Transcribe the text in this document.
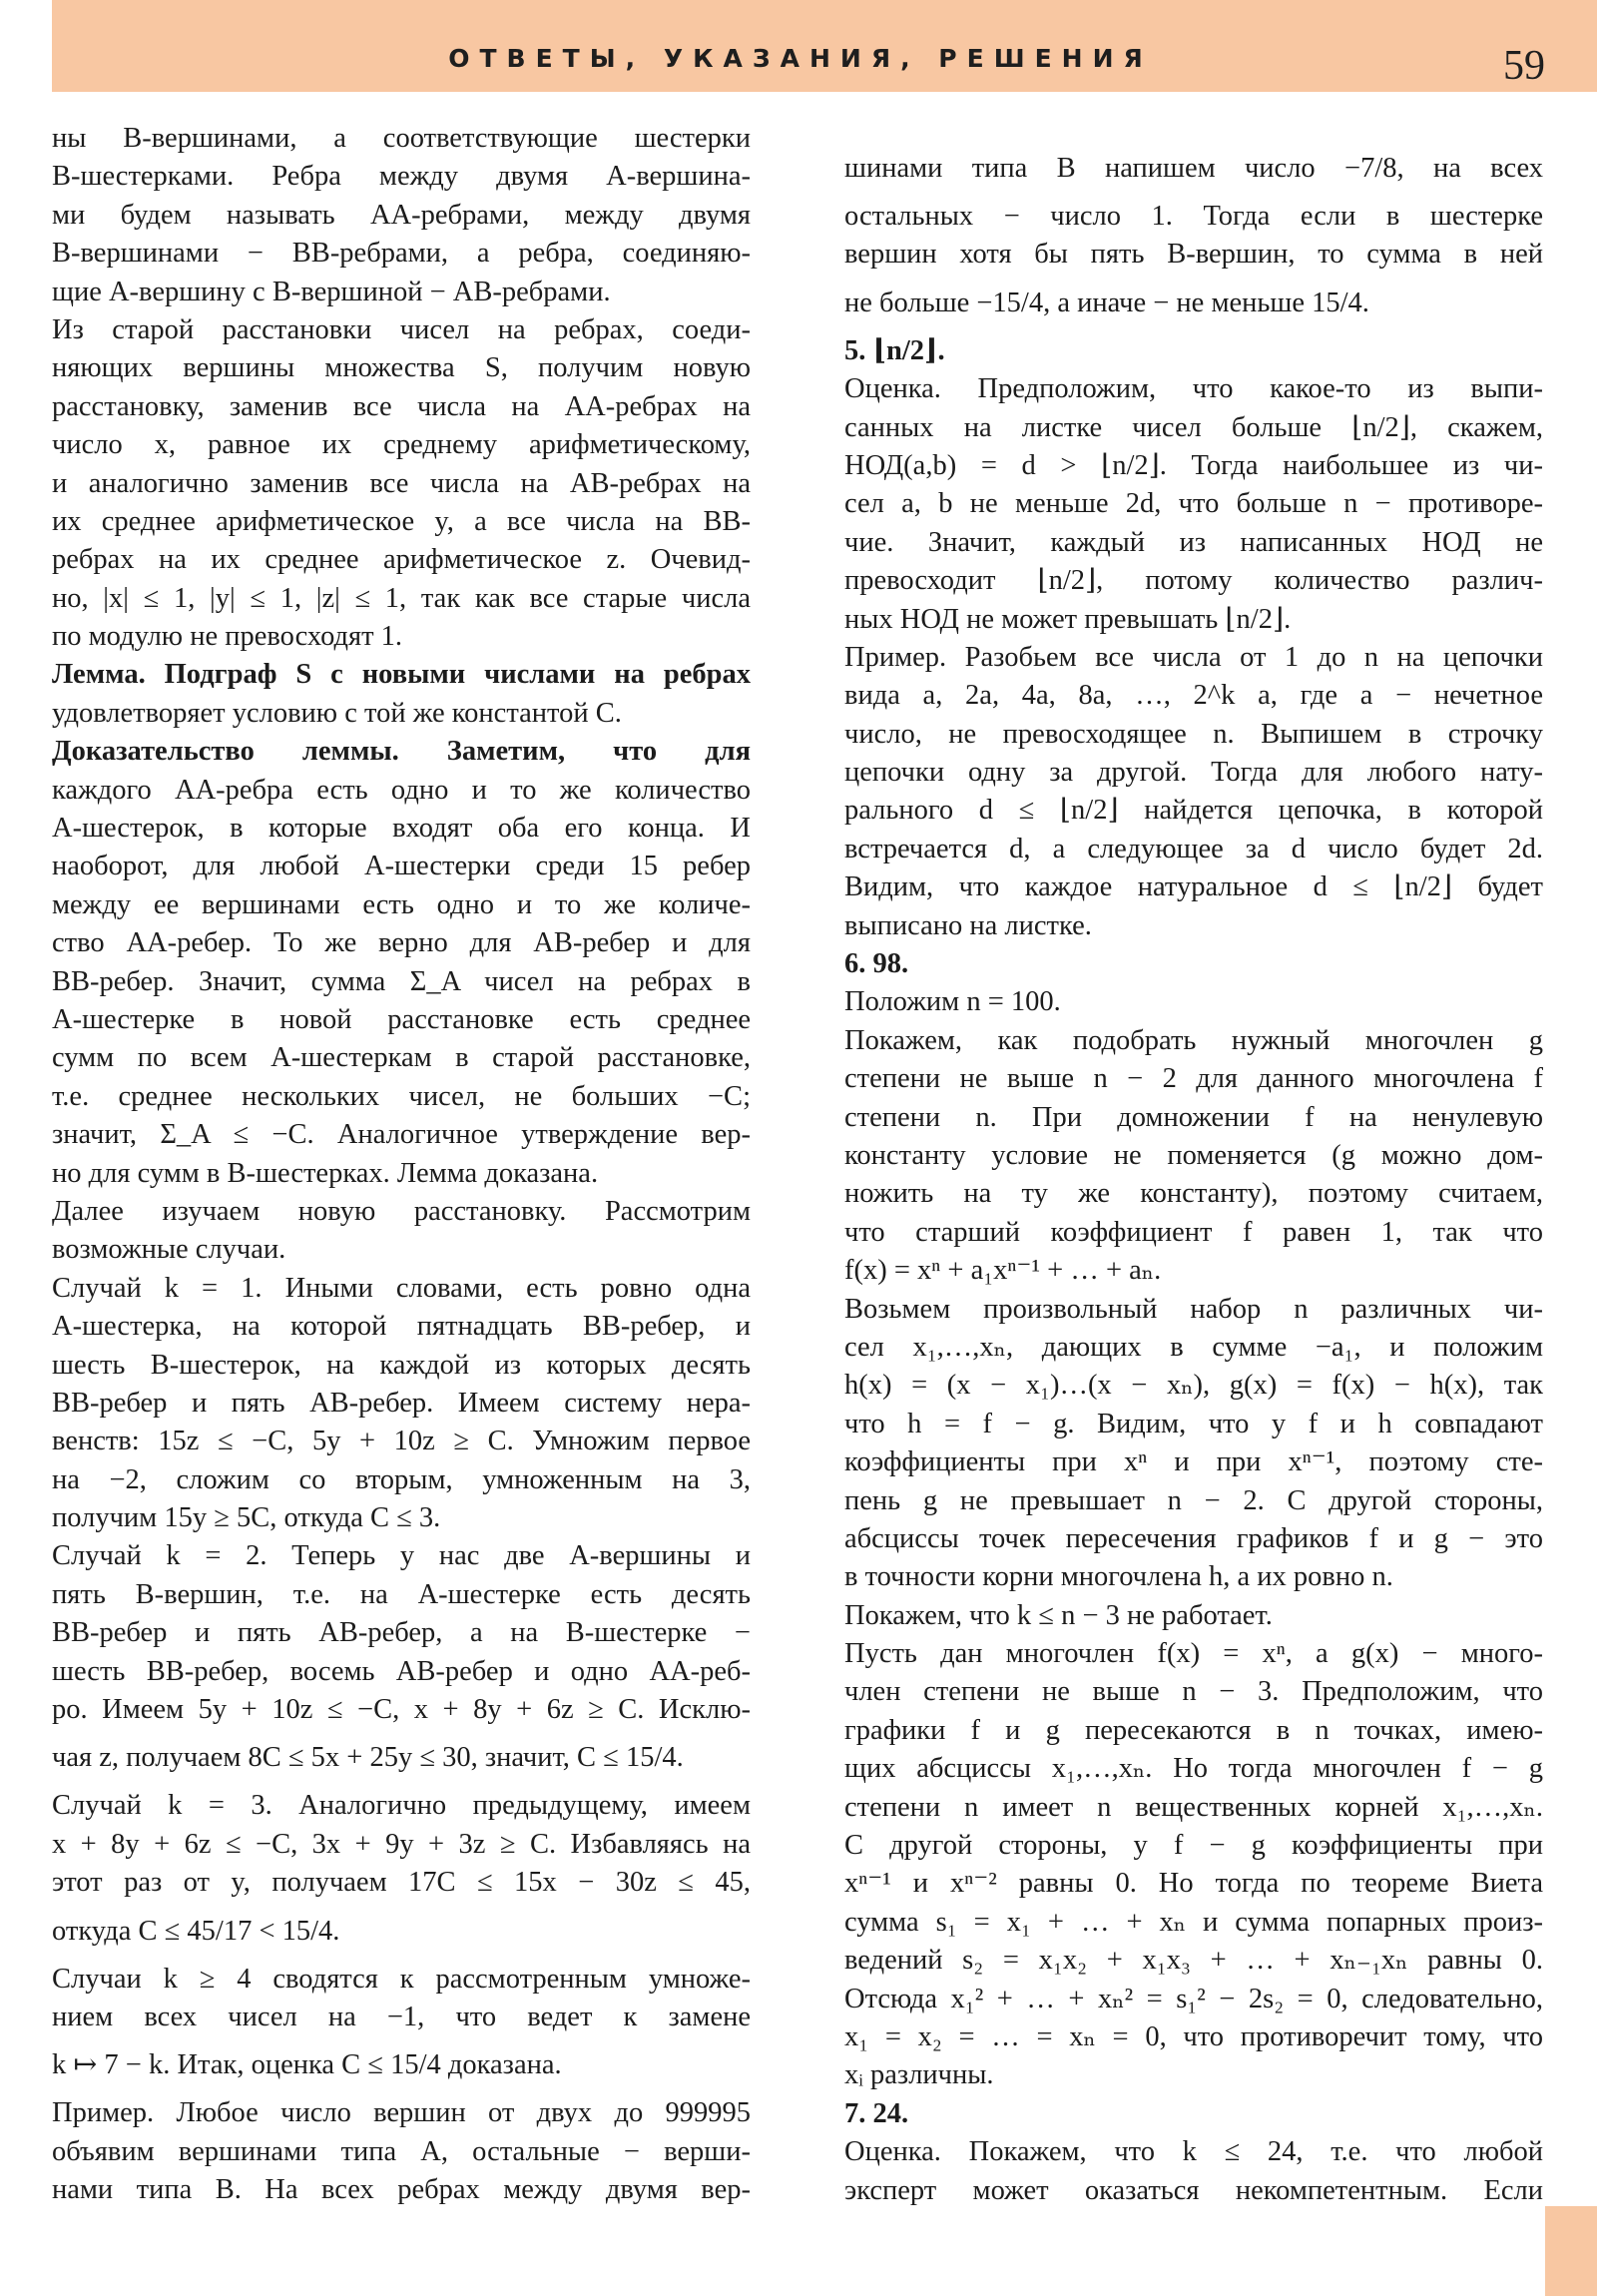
ОТВЕТЫ, УКАЗАНИЯ, РЕШЕНИЯ	59
ны B-вершинами, а соответствующие шестерки
B-шестерками. Ребра между двумя A-вершина-
ми будем называть AA-ребрами, между двумя
B-вершинами − BB-ребрами, а ребра, соединяю-
щие A-вершину с B-вершиной − AB-ребрами.
Из старой расстановки чисел на ребрах, соеди-
няющих вершины множества S, получим новую
расстановку, заменив все числа на AA-ребрах на
число x, равное их среднему арифметическому,
и аналогично заменив все числа на AB-ребрах на
их среднее арифметическое y, а все числа на BB-
ребрах на их среднее арифметическое z. Очевид-
но, |x| ≤ 1, |y| ≤ 1, |z| ≤ 1, так как все старые числа
по модулю не превосходят 1.
Лемма. Подграф S с новыми числами на ребрах
удовлетворяет условию с той же константой C.
Доказательство леммы. Заметим, что для
каждого AA-ребра есть одно и то же количество
A-шестерок, в которые входят оба его конца. И
наоборот, для любой A-шестерки среди 15 ребер
между ее вершинами есть одно и то же количе-
ство AA-ребер. То же верно для AB-ребер и для
BB-ребер. Значит, сумма Σ_A чисел на ребрах в
A-шестерке в новой расстановке есть среднее
сумм по всем A-шестеркам в старой расстановке,
т.е. среднее нескольких чисел, не больших −C;
значит, Σ_A ≤ −C. Аналогичное утверждение вер-
но для сумм в B-шестерках. Лемма доказана.
Далее изучаем новую расстановку. Рассмотрим
возможные случаи.
Случай k = 1. Иными словами, есть ровно одна
A-шестерка, на которой пятнадцать BB-ребер, и
шесть B-шестерок, на каждой из которых десять
BB-ребер и пять AB-ребер. Имеем систему нера-
венств: 15z ≤ −C, 5y + 10z ≥ C. Умножим первое
на −2, сложим со вторым, умноженным на 3,
получим 15y ≥ 5C, откуда C ≤ 3.
Случай k = 2. Теперь у нас две A-вершины и
пять B-вершин, т.е. на A-шестерке есть десять
BB-ребер и пять AB-ребер, а на B-шестерке −
шесть BB-ребер, восемь AB-ребер и одно AA-реб-
ро. Имеем 5y + 10z ≤ −C, x + 8y + 6z ≥ C. Исклю-
чая z, получаем 8C ≤ 5x + 25y ≤ 30, значит, C ≤ 15/4.
Случай k = 3. Аналогично предыдущему, имеем
x + 8y + 6z ≤ −C, 3x + 9y + 3z ≥ C. Избавляясь на
этот раз от y, получаем 17C ≤ 15x − 30z ≤ 45,
откуда C ≤ 45/17 < 15/4.
Случаи k ≥ 4 сводятся к рассмотренным умноже-
нием всех чисел на −1, что ведет к замене
k ↦ 7 − k. Итак, оценка C ≤ 15/4 доказана.
Пример. Любое число вершин от двух до 999995
объявим вершинами типа A, остальные − верши-
нами типа B. На всех ребрах между двумя вер-
шинами типа B напишем число −7/8, на всех
остальных − число 1. Тогда если в шестерке
вершин хотя бы пять B-вершин, то сумма в ней
не больше −15/4, а иначе − не меньше 15/4.
5. ⌊n/2⌋.
Оценка. Предположим, что какое-то из выпи-
санных на листке чисел больше ⌊n/2⌋, скажем,
НОД(a,b) = d > ⌊n/2⌋. Тогда наибольшее из чи-
сел a, b не меньше 2d, что больше n − противоре-
чие. Значит, каждый из написанных НОД не
превосходит ⌊n/2⌋, потому количество различ-
ных НОД не может превышать ⌊n/2⌋.
Пример. Разобьем все числа от 1 до n на цепочки
вида a, 2a, 4a, 8a, …, 2^k a, где a − нечетное
число, не превосходящее n. Выпишем в строчку
цепочки одну за другой. Тогда для любого нату-
рального d ≤ ⌊n/2⌋ найдется цепочка, в которой
встречается d, а следующее за d число будет 2d.
Видим, что каждое натуральное d ≤ ⌊n/2⌋ будет
выписано на листке.
6. 98.
Положим n = 100.
Покажем, как подобрать нужный многочлен g
степени не выше n − 2 для данного многочлена f
степени n. При домножении f на ненулевую
константу условие не поменяется (g можно дом-
ножить на ту же константу), поэтому считаем,
что старший коэффициент f равен 1, так что
f(x) = xⁿ + a₁xⁿ⁻¹ + … + aₙ.
Возьмем произвольный набор n различных чи-
сел x₁,…,xₙ, дающих в сумме −a₁, и положим
h(x) = (x − x₁)…(x − xₙ), g(x) = f(x) − h(x), так
что h = f − g. Видим, что у f и h совпадают
коэффициенты при xⁿ и при xⁿ⁻¹, поэтому сте-
пень g не превышает n − 2. С другой стороны,
абсциссы точек пересечения графиков f и g − это
в точности корни многочлена h, а их ровно n.
Покажем, что k ≤ n − 3 не работает.
Пусть дан многочлен f(x) = xⁿ, а g(x) − много-
член степени не выше n − 3. Предположим, что
графики f и g пересекаются в n точках, имею-
щих абсциссы x₁,…,xₙ. Но тогда многочлен f − g
степени n имеет n вещественных корней x₁,…,xₙ.
С другой стороны, у f − g коэффициенты при
xⁿ⁻¹ и xⁿ⁻² равны 0. Но тогда по теореме Виета
сумма s₁ = x₁ + … + xₙ и сумма попарных произ-
ведений s₂ = x₁x₂ + x₁x₃ + … + xₙ₋₁xₙ равны 0.
Отсюда x₁² + … + xₙ² = s₁² − 2s₂ = 0, следовательно,
x₁ = x₂ = … = xₙ = 0, что противоречит тому, что
xᵢ различны.
7. 24.
Оценка. Покажем, что k ≤ 24, т.е. что любой
эксперт может оказаться некомпетентным. Если
